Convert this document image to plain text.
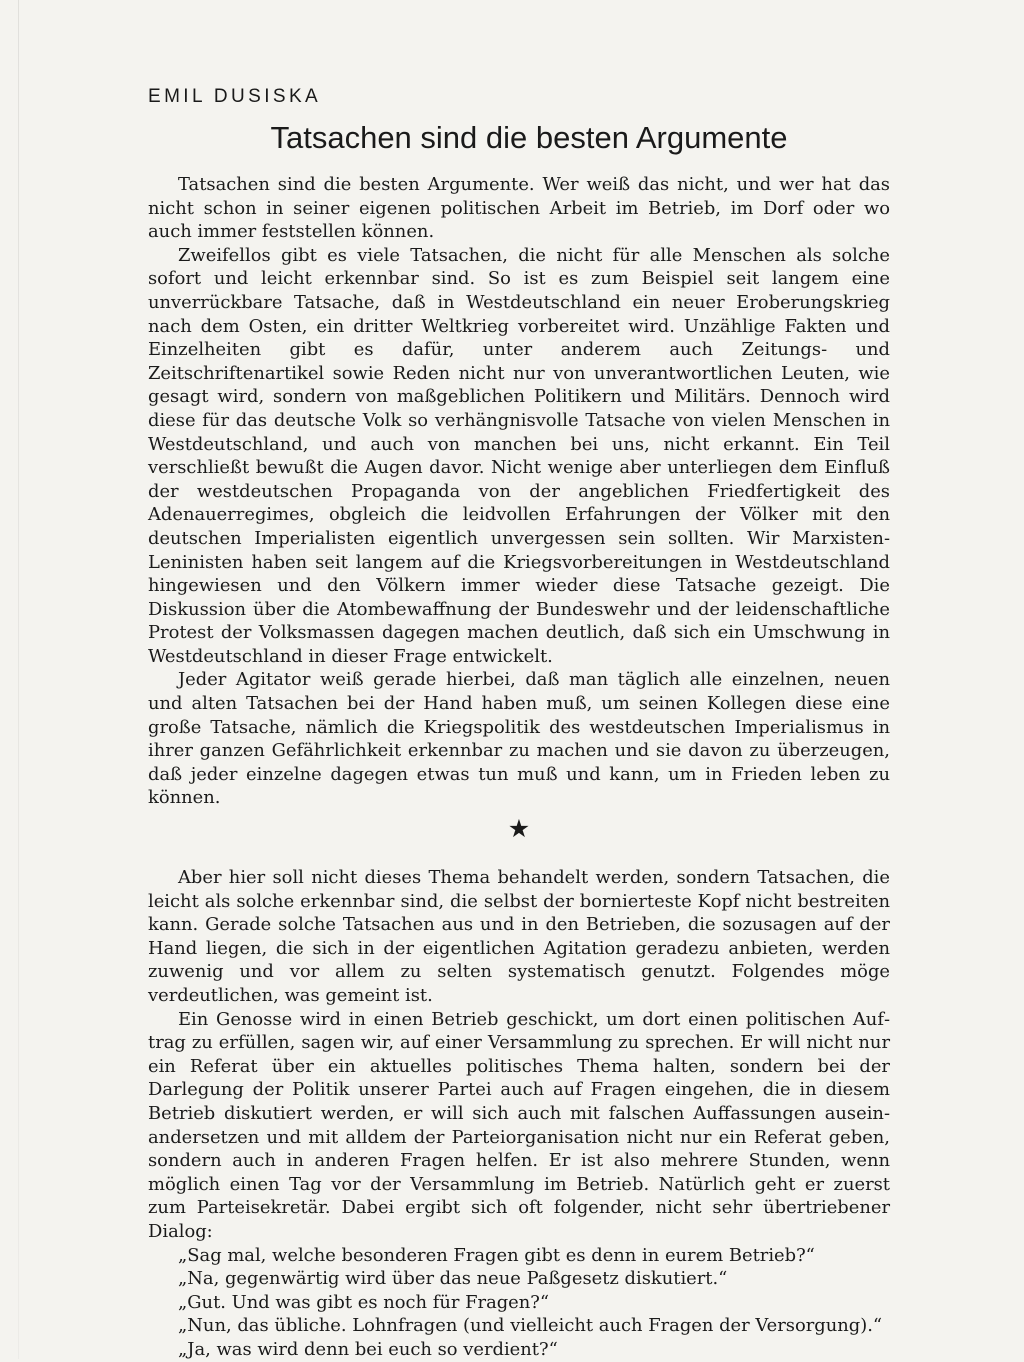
EMIL DUSISKA

Tatsachen sind die besten Argumente

Tatsachen sind die besten Argumente. Wer weiß das nicht, und wer hat das nicht schon in seiner eigenen politischen Arbeit im Betrieb, im Dorf oder wo auch immer feststellen können.

Zweifellos gibt es viele Tatsachen, die nicht für alle Menschen als solche sofort und leicht erkennbar sind. So ist es zum Beispiel seit langem eine unverrückbare Tatsache, daß in Westdeutschland ein neuer Eroberungskrieg nach dem Osten, ein dritter Weltkrieg vorbereitet wird. Unzählige Fakten und Einzelheiten gibt es dafür, unter anderem auch Zeitungs- und Zeitschriftenartikel sowie Reden nicht nur von unverantwortlichen Leuten, wie gesagt wird, sondern von maßgeblichen Politikern und Militärs. Dennoch wird diese für das deutsche Volk so verhängnisvolle Tatsache von vielen Menschen in Westdeutschland, und auch von manchen bei uns, nicht erkannt. Ein Teil verschließt bewußt die Augen davor. Nicht wenige aber unterliegen dem Einfluß der westdeutschen Propaganda von der angeblichen Friedfertigkeit des Adenauerregimes, obgleich die leidvollen Erfahrungen der Völker mit den deutschen Imperialisten eigentlich unvergessen sein sollten. Wir Marxisten-Leninisten haben seit langem auf die Kriegsvorbereitungen in Westdeutschland hingewiesen und den Völkern immer wieder diese Tatsache gezeigt. Die Diskussion über die Atombewaffnung der Bundeswehr und der leidenschaftliche Protest der Volksmassen dagegen machen deutlich, daß sich ein Umschwung in Westdeutschland in dieser Frage entwickelt.

Jeder Agitator weiß gerade hierbei, daß man täglich alle einzelnen, neuen und alten Tatsachen bei der Hand haben muß, um seinen Kollegen diese eine große Tatsache, nämlich die Kriegspolitik des westdeutschen Imperialismus in ihrer ganzen Gefährlichkeit erkennbar zu machen und sie davon zu überzeugen, daß jeder einzelne dagegen etwas tun muß und kann, um in Frieden leben zu können.

★

Aber hier soll nicht dieses Thema behandelt werden, sondern Tatsachen, die leicht als solche erkennbar sind, die selbst der bornierteste Kopf nicht bestreiten kann. Gerade solche Tatsachen aus und in den Betrieben, die sozusagen auf der Hand liegen, die sich in der eigentlichen Agitation geradezu anbieten, werden zuwenig und vor allem zu selten systematisch genutzt. Folgendes möge verdeutlichen, was gemeint ist.

Ein Genosse wird in einen Betrieb geschickt, um dort einen politischen Auftrag zu erfüllen, sagen wir, auf einer Versammlung zu sprechen. Er will nicht nur ein Referat über ein aktuelles politisches Thema halten, sondern bei der Darlegung der Politik unserer Partei auch auf Fragen eingehen, die in diesem Betrieb diskutiert werden, er will sich auch mit falschen Auffassungen auseinandersetzen und mit alldem der Parteiorganisation nicht nur ein Referat geben, sondern auch in anderen Fragen helfen. Er ist also mehrere Stunden, wenn möglich einen Tag vor der Versammlung im Betrieb. Natürlich geht er zuerst zum Parteisekretär. Dabei ergibt sich oft folgender, nicht sehr übertriebener Dialog:

„Sag mal, welche besonderen Fragen gibt es denn in eurem Betrieb?“
„Na, gegenwärtig wird über das neue Paßgesetz diskutiert.“
„Gut. Und was gibt es noch für Fragen?“
„Nun, das übliche. Lohnfragen (und vielleicht auch Fragen der Versorgung).“
„Ja, was wird denn bei euch so verdient?“
